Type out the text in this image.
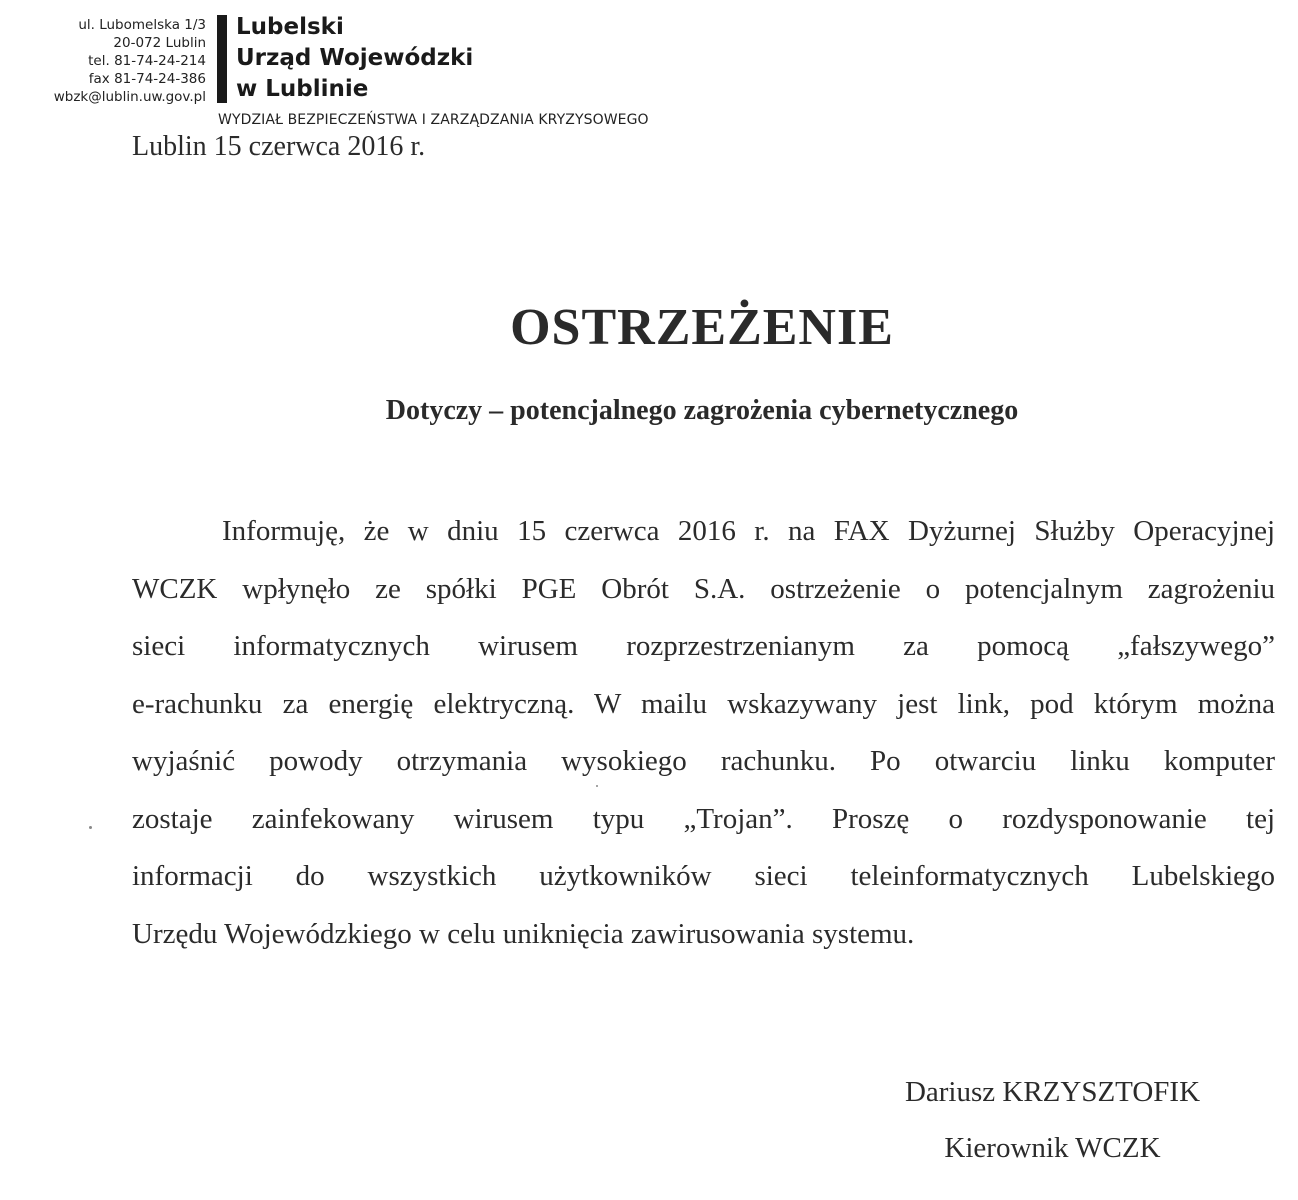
ul. Lubomelska 1/3
20-072 Lublin
tel. 81-74-24-214
fax 81-74-24-386
wbzk@lublin.uw.gov.pl
Lubelski
Urząd Wojewódzki
w Lublinie
WYDZIAŁ BEZPIECZEŃSTWA I ZARZĄDZANIA KRYZYSOWEGO
Lublin 15 czerwca 2016 r.
OSTRZEŻENIE
Dotyczy – potencjalnego zagrożenia cybernetycznego
Informuję, że w dniu 15 czerwca 2016 r. na FAX Dyżurnej Służby Operacyjnej
WCZK wpłynęło ze spółki PGE Obrót S.A. ostrzeżenie o potencjalnym zagrożeniu
sieci informatycznych wirusem rozprzestrzenianym za pomocą „fałszywego”
e-rachunku za energię elektryczną. W mailu wskazywany jest link, pod którym można
wyjaśnić powody otrzymania wysokiego rachunku. Po otwarciu linku komputer
zostaje zainfekowany wirusem typu „Trojan”. Proszę o rozdysponowanie tej
informacji do wszystkich użytkowników sieci teleinformatycznych Lubelskiego
Urzędu Wojewódzkiego w celu uniknięcia zawirusowania systemu.
Dariusz KRZYSZTOFIK
Kierownik WCZK
